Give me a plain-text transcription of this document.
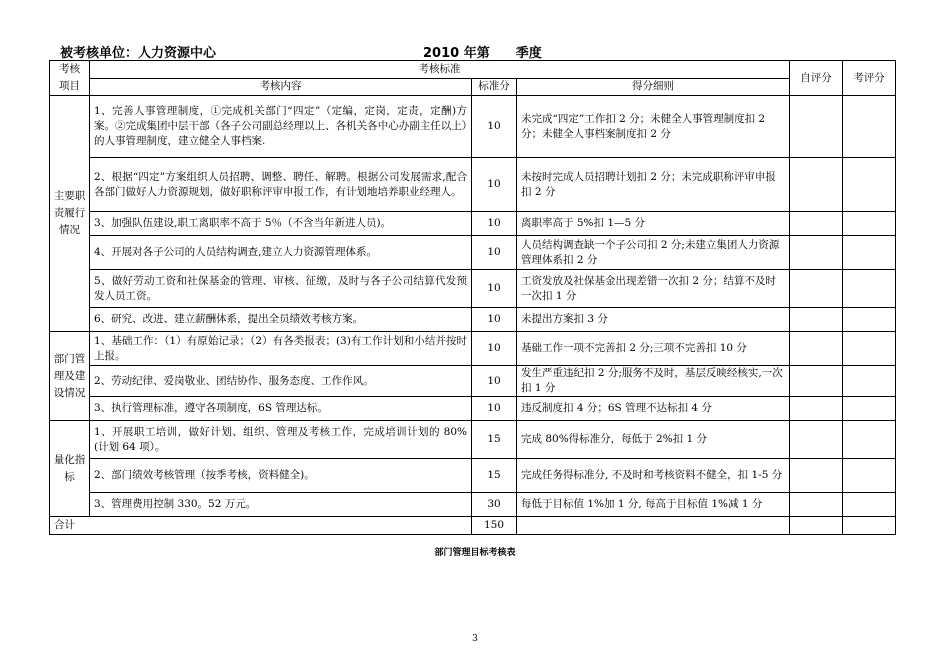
被考核单位：人力资源中心	2010 年第　　季度
考核项目	考核标准			自评分	考评分
	考核内容	标准分	得分细则		
主要职责履行情况	1、完善人事管理制度，①完成机关部门“四定”（定编，定岗，定责，定酬)方案。②完成集团中层干部（各子公司副总经理以上、各机关各中心办副主任以上）的人事管理制度，建立健全人事档案.	10	未完成“四定”工作扣 2 分；未健全人事管理制度扣 2 分；未健全人事档案制度扣 2 分		
	2、根据“四定”方案组织人员招聘、调整、聘任、解聘。根据公司发展需求,配合各部门做好人力资源规划，做好职称评审申报工作，有计划地培养职业经理人。	10	未按时完成人员招聘计划扣 2 分；未完成职称评审申报扣 2 分		
	3、加强队伍建设,职工离职率不高于 5％（不含当年新进人员)。	10	离职率高于 5%扣 1—5 分		
	4、开展对各子公司的人员结构调查,建立人力资源管理体系。	10	人员结构调查缺一个子公司扣 2 分;未建立集团人力资源管理体系扣 2 分		
	5、做好劳动工资和社保基金的管理、审核、征缴，及时与各子公司结算代发预发人员工资。	10	工资发放及社保基金出现差错一次扣 2 分；结算不及时一次扣 1 分		
	6、研究、改进、建立薪酬体系，提出全员绩效考核方案。	10	未提出方案扣 3 分		
部门管理及建设情况	1、基础工作：（1）有原始记录；（2）有各类报表；(3)有工作计划和小结并按时上报。	10	基础工作一项不完善扣 2 分;三项不完善扣 10 分		
	2、劳动纪律、爱岗敬业、团结协作、服务态度、工作作风。	10	发生严重违纪扣 2 分;服务不及时，基层反映经核实,一次扣 1 分		
	3、执行管理标准，遵守各项制度，6S 管理达标。	10	违反制度扣 4 分；6S 管理不达标扣 4 分		
量化指标	1、开展职工培训，做好计划、组织、管理及考核工作，完成培训计划的 80%(计划 64 项）。	15	完成 80%得标准分，每低于 2%扣 1 分		
	2、部门绩效考核管理（按季考核，资料健全)。	15	完成任务得标准分, 不及时和考核资料不健全，扣 1-5 分		
	3、管理费用控制 330。52 万元。	30	每低于目标值 1%加 1 分, 每高于目标值 1%减 1 分		
合计		150			
部门管理目标考核表
3
